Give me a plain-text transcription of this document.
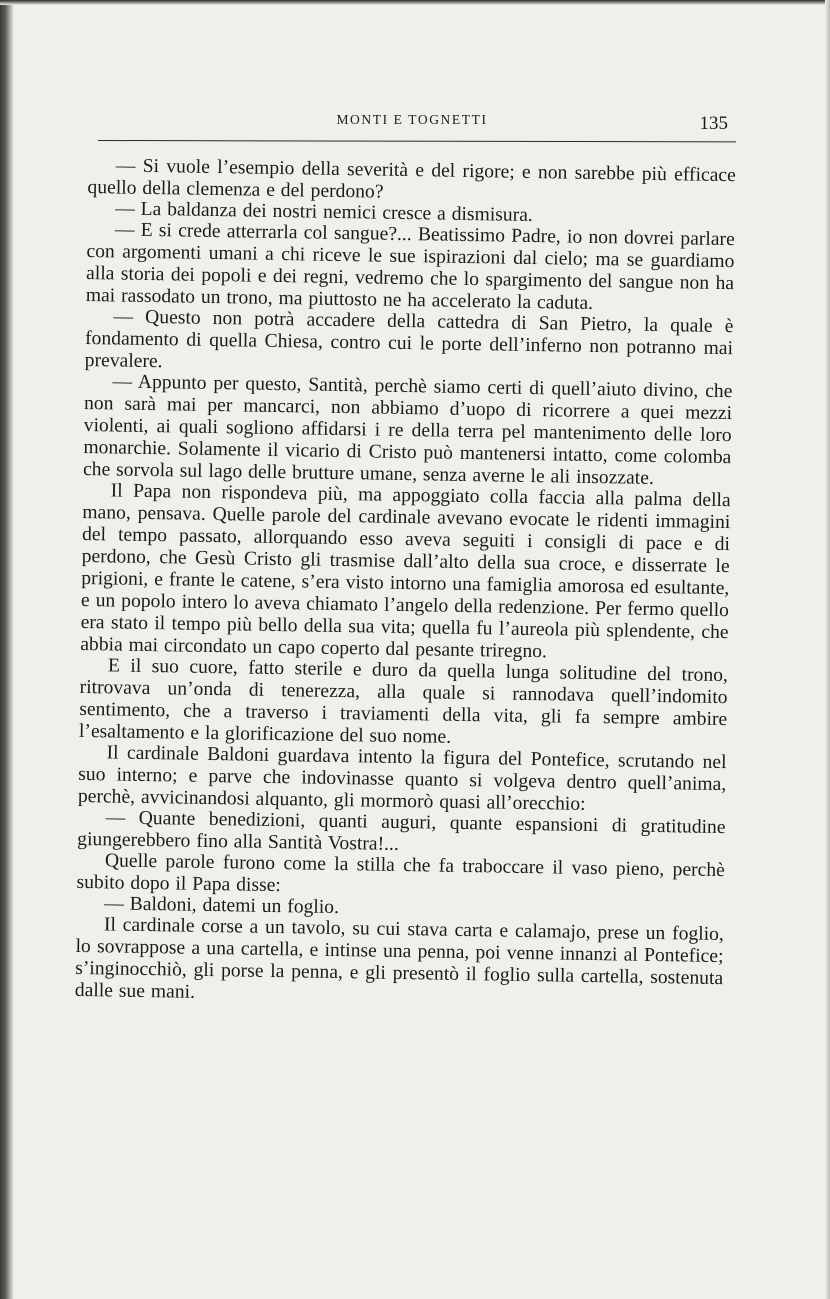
MONTI E TOGNETTI	135

— Si vuole l’esempio della severità e del rigore; e non sarebbe più efficace quello della clemenza e del perdono?

— La baldanza dei nostri nemici cresce a dismisura.

— E si crede atterrarla col sangue?... Beatissimo Padre, io non dovrei parlare con argomenti umani a chi riceve le sue ispirazioni dal cielo; ma se guardiamo alla storia dei popoli e dei regni, vedremo che lo spargimento del sangue non ha mai rassodato un trono, ma piuttosto ne ha accelerato la caduta.

— Questo non potrà accadere della cattedra di San Pietro, la quale è fondamento di quella Chiesa, contro cui le porte dell’inferno non potranno mai prevalere.

— Appunto per questo, Santità, perchè siamo certi di quell’aiuto divino, che non sarà mai per mancarci, non abbiamo d’uopo di ricorrere a quei mezzi violenti, ai quali sogliono affidarsi i re della terra pel mantenimento delle loro monarchie. Solamente il vicario di Cristo può mantenersi intatto, come colomba che sorvola sul lago delle brutture umane, senza averne le ali insozzate.

Il Papa non rispondeva più, ma appoggiato colla faccia alla palma della mano, pensava. Quelle parole del cardinale avevano evocate le ridenti immagini del tempo passato, allorquando esso aveva seguiti i consigli di pace e di perdono, che Gesù Cristo gli trasmise dall’alto della sua croce, e disserrate le prigioni, e frante le catene, s’era visto intorno una famiglia amorosa ed esultante, e un popolo intero lo aveva chiamato l’angelo della redenzione. Per fermo quello era stato il tempo più bello della sua vita; quella fu l’aureola più splendente, che abbia mai circondato un capo coperto dal pesante triregno.

E il suo cuore, fatto sterile e duro da quella lunga solitudine del trono, ritrovava un’onda di tenerezza, alla quale si rannodava quell’indomito sentimento, che a traverso i traviamenti della vita, gli fa sempre ambire l’esaltamento e la glorificazione del suo nome.

Il cardinale Baldoni guardava intento la figura del Pontefice, scrutando nel suo interno; e parve che indovinasse quanto si volgeva dentro quell’anima, perchè, avvicinandosi alquanto, gli mormorò quasi all’orecchio:

— Quante benedizioni, quanti auguri, quante espansioni di gratitudine giungerebbero fino alla Santità Vostra!...

Quelle parole furono come la stilla che fa traboccare il vaso pieno, perchè subito dopo il Papa disse:

— Baldoni, datemi un foglio.

Il cardinale corse a un tavolo, su cui stava carta e calamajo, prese un foglio, lo sovrappose a una cartella, e intinse una penna, poi venne innanzi al Pontefice; s’inginocchiò, gli porse la penna, e gli presentò il foglio sulla cartella, sostenuta dalle sue mani.
